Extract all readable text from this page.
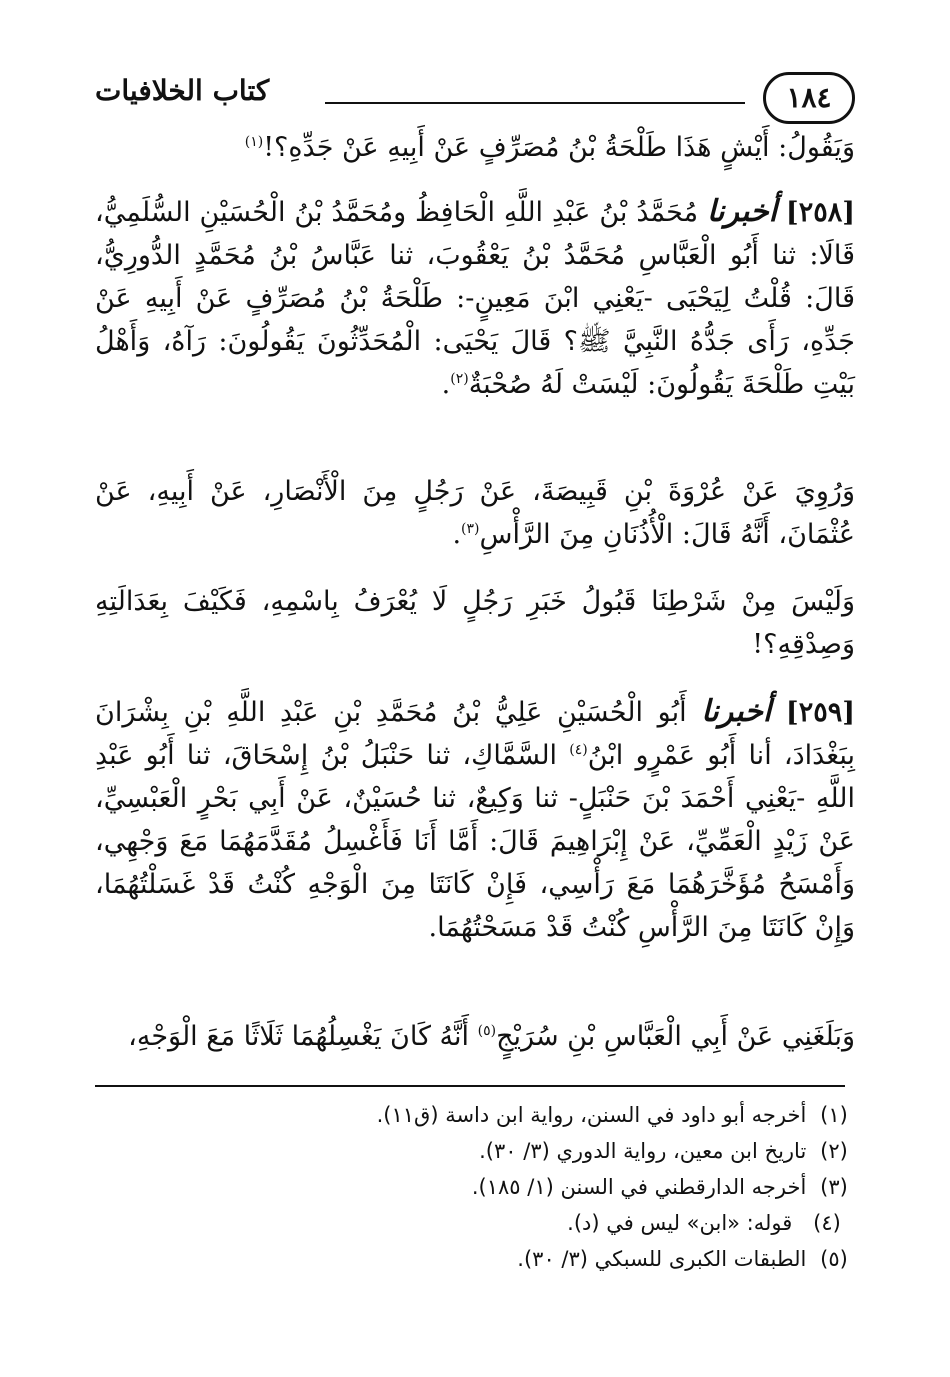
١٨٤
كتاب الخلافيات

وَيَقُولُ: أَيْشٍ هَذَا طَلْحَةُ بْنُ مُصَرِّفٍ عَنْ أَبِيهِ عَنْ جَدِّهِ؟!$^{(١)}$

[٢٥٨] أخبرنا مُحَمَّدُ بْنُ عَبْدِ اللَّهِ الْحَافِظُ ومُحَمَّدُ بْنُ الْحُسَيْنِ السُّلَمِيُّ، قَالَا: ثنا أَبُو الْعَبَّاسِ مُحَمَّدُ بْنُ يَعْقُوبَ، ثنا عَبَّاسُ بْنُ مُحَمَّدٍ الدُّورِيُّ، قَالَ: قُلْتُ لِيَحْيَى -يَعْنِي ابْنَ مَعِينٍ-: طَلْحَةُ بْنُ مُصَرِّفٍ عَنْ أَبِيهِ عَنْ جَدِّهِ، رَأَى جَدُّهُ النَّبِيَّ ﷺ؟ قَالَ يَحْيَى: الْمُحَدِّثُونَ يَقُولُونَ: رَآهُ، وَأَهْلُ بَيْتِ طَلْحَةَ يَقُولُونَ: لَيْسَتْ لَهُ صُحْبَةٌ$^{(٢)}$.

وَرُوِيَ عَنْ عُرْوَةَ بْنِ قَبِيصَةَ، عَنْ رَجُلٍ مِنَ الْأَنْصَارِ، عَنْ أَبِيهِ، عَنْ عُثْمَانَ، أَنَّهُ قَالَ: الْأُذُنَانِ مِنَ الرَّأْسِ$^{(٣)}$.

وَلَيْسَ مِنْ شَرْطِنَا قَبُولُ خَبَرِ رَجُلٍ لَا يُعْرَفُ بِاسْمِهِ، فَكَيْفَ بِعَدَالَتِهِ وَصِدْقِهِ؟!

[٢٥٩] أخبرنا أَبُو الْحُسَيْنِ عَلِيُّ بْنُ مُحَمَّدِ بْنِ عَبْدِ اللَّهِ بْنِ بِشْرَانَ بِبَغْدَادَ، أنا أَبُو عَمْرٍو ابْنُ$^{(٤)}$ السَّمَّاكِ، ثنا حَنْبَلُ بْنُ إِسْحَاقَ، ثنا أَبُو عَبْدِ اللَّهِ -يَعْنِي أَحْمَدَ بْنَ حَنْبَلٍ- ثنا وَكِيعٌ، ثنا حُسَيْنٌ، عَنْ أَبِي بَحْرٍ الْعَبْسِيِّ، عَنْ زَيْدٍ الْعَمِّيِّ، عَنْ إِبْرَاهِيمَ قَالَ: أَمَّا أَنَا فَأَغْسِلُ مُقَدَّمَهُمَا مَعَ وَجْهِي، وَأَمْسَحُ مُؤَخَّرَهُمَا مَعَ رَأْسِي، فَإِنْ كَانَتَا مِنَ الْوَجْهِ كُنْتُ قَدْ غَسَلْتُهُمَا، وَإِنْ كَانَتَا مِنَ الرَّأْسِ كُنْتُ قَدْ مَسَحْتُهُمَا.

وَبَلَغَنِي عَنْ أَبِي الْعَبَّاسِ بْنِ سُرَيْجٍ$^{(٥)}$ أَنَّهُ كَانَ يَغْسِلُهُمَا ثَلَاثًا مَعَ الْوَجْهِ،

(١) أخرجه أبو داود في السنن، رواية ابن داسة (ق١١).
(٢) تاريخ ابن معين، رواية الدوري (٣/ ٣٠).
(٣) أخرجه الدارقطني في السنن (١/ ١٨٥).
(٤) قوله: «ابن» ليس في (د).
(٥) الطبقات الكبرى للسبكي (٣/ ٣٠).
